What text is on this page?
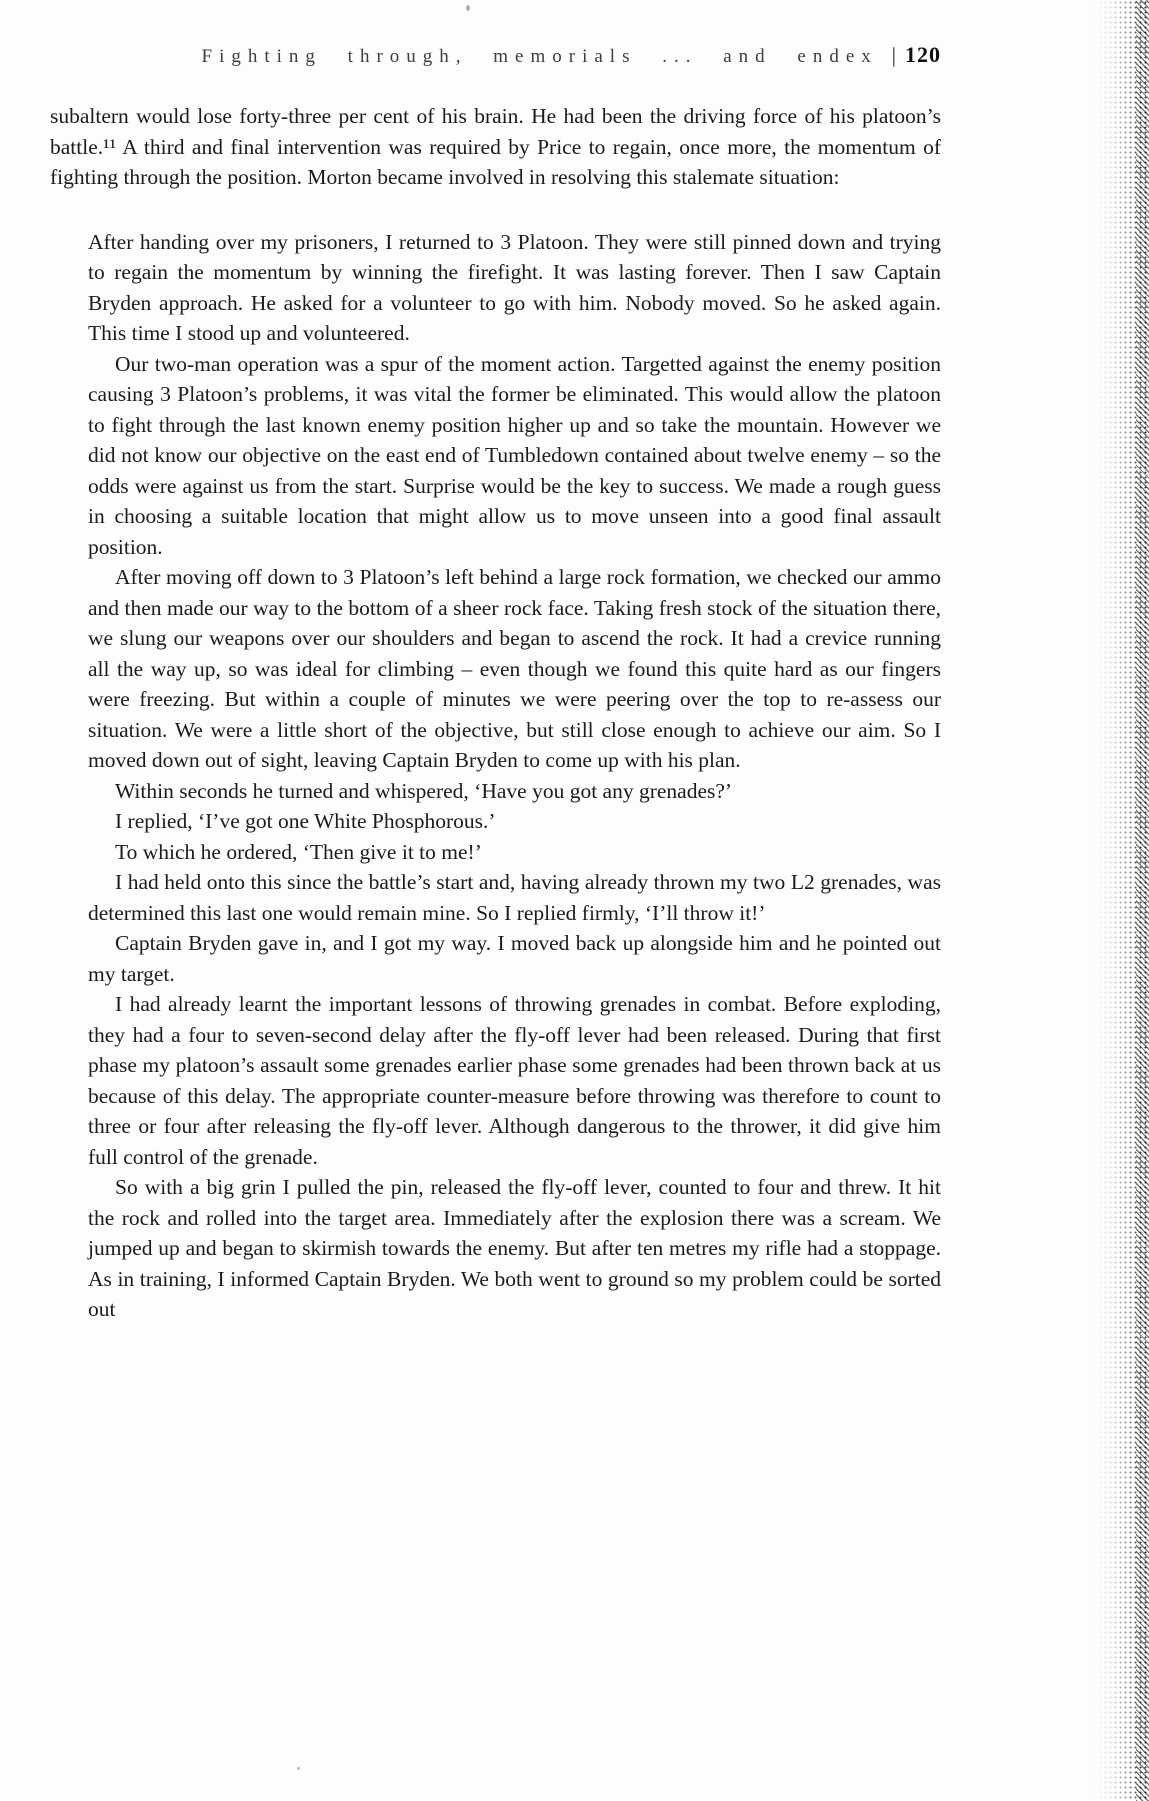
Fighting through, memorials ... and endex | 120

subaltern would lose forty-three per cent of his brain. He had been the driving force of his platoon’s battle.¹¹ A third and final intervention was required by Price to regain, once more, the momentum of fighting through the position. Morton became involved in resolving this stalemate situation:

After handing over my prisoners, I returned to 3 Platoon. They were still pinned down and trying to regain the momentum by winning the firefight. It was lasting forever. Then I saw Captain Bryden approach. He asked for a volunteer to go with him. Nobody moved. So he asked again. This time I stood up and volunteered.

Our two-man operation was a spur of the moment action. Targetted against the enemy position causing 3 Platoon’s problems, it was vital the former be eliminated. This would allow the platoon to fight through the last known enemy position higher up and so take the mountain. However we did not know our objective on the east end of Tumbledown contained about twelve enemy – so the odds were against us from the start. Surprise would be the key to success. We made a rough guess in choosing a suitable location that might allow us to move unseen into a good final assault position.

After moving off down to 3 Platoon’s left behind a large rock formation, we checked our ammo and then made our way to the bottom of a sheer rock face. Taking fresh stock of the situation there, we slung our weapons over our shoulders and began to ascend the rock. It had a crevice running all the way up, so was ideal for climbing – even though we found this quite hard as our fingers were freezing. But within a couple of minutes we were peering over the top to re-assess our situation. We were a little short of the objective, but still close enough to achieve our aim. So I moved down out of sight, leaving Captain Bryden to come up with his plan.

Within seconds he turned and whispered, ‘Have you got any grenades?’

I replied, ‘I’ve got one White Phosphorous.’

To which he ordered, ‘Then give it to me!’

I had held onto this since the battle’s start and, having already thrown my two L2 grenades, was determined this last one would remain mine. So I replied firmly, ‘I’ll throw it!’

Captain Bryden gave in, and I got my way. I moved back up alongside him and he pointed out my target.

I had already learnt the important lessons of throwing grenades in combat. Before exploding, they had a four to seven-second delay after the fly-off lever had been released. During that first phase my platoon’s assault some grenades earlier phase some grenades had been thrown back at us because of this delay. The appropriate counter-measure before throwing was therefore to count to three or four after releasing the fly-off lever. Although dangerous to the thrower, it did give him full control of the grenade.

So with a big grin I pulled the pin, released the fly-off lever, counted to four and threw. It hit the rock and rolled into the target area. Immediately after the explosion there was a scream. We jumped up and began to skirmish towards the enemy. But after ten metres my rifle had a stoppage. As in training, I informed Captain Bryden. We both went to ground so my problem could be sorted out
